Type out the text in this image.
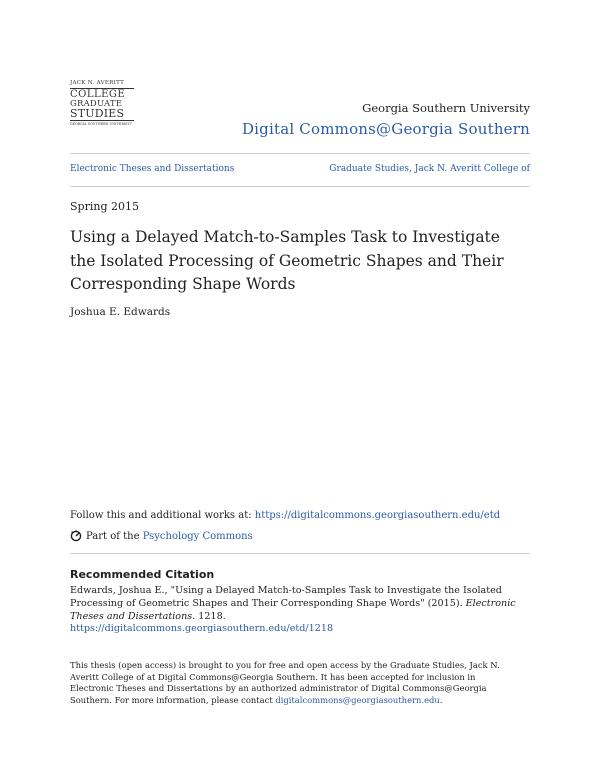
JACK N. AVERITT
COLLEGE
GRADUATE
STUDIES
GEORGIA SOUTHERN UNIVERSITY
Georgia Southern University
Digital Commons@Georgia Southern
Electronic Theses and Dissertations	Graduate Studies, Jack N. Averitt College of
Spring 2015
Using a Delayed Match-to-Samples Task to Investigate
the Isolated Processing of Geometric Shapes and Their
Corresponding Shape Words
Joshua E. Edwards
Follow this and additional works at: https://digitalcommons.georgiasouthern.edu/etd
Part of the
Psychology Commons
Recommended Citation
Edwards, Joshua E., "Using a Delayed Match-to-Samples Task to Investigate the Isolated
Processing of Geometric Shapes and Their Corresponding Shape Words" (2015). Electronic
Theses and Dissertations. 1218.
https://digitalcommons.georgiasouthern.edu/etd/1218
This thesis (open access) is brought to you for free and open access by the Graduate Studies, Jack N.
Averitt College of at Digital Commons@Georgia Southern. It has been accepted for inclusion in
Electronic Theses and Dissertations by an authorized administrator of Digital Commons@Georgia
Southern. For more information, please contact digitalcommons@georgiasouthern.edu.
